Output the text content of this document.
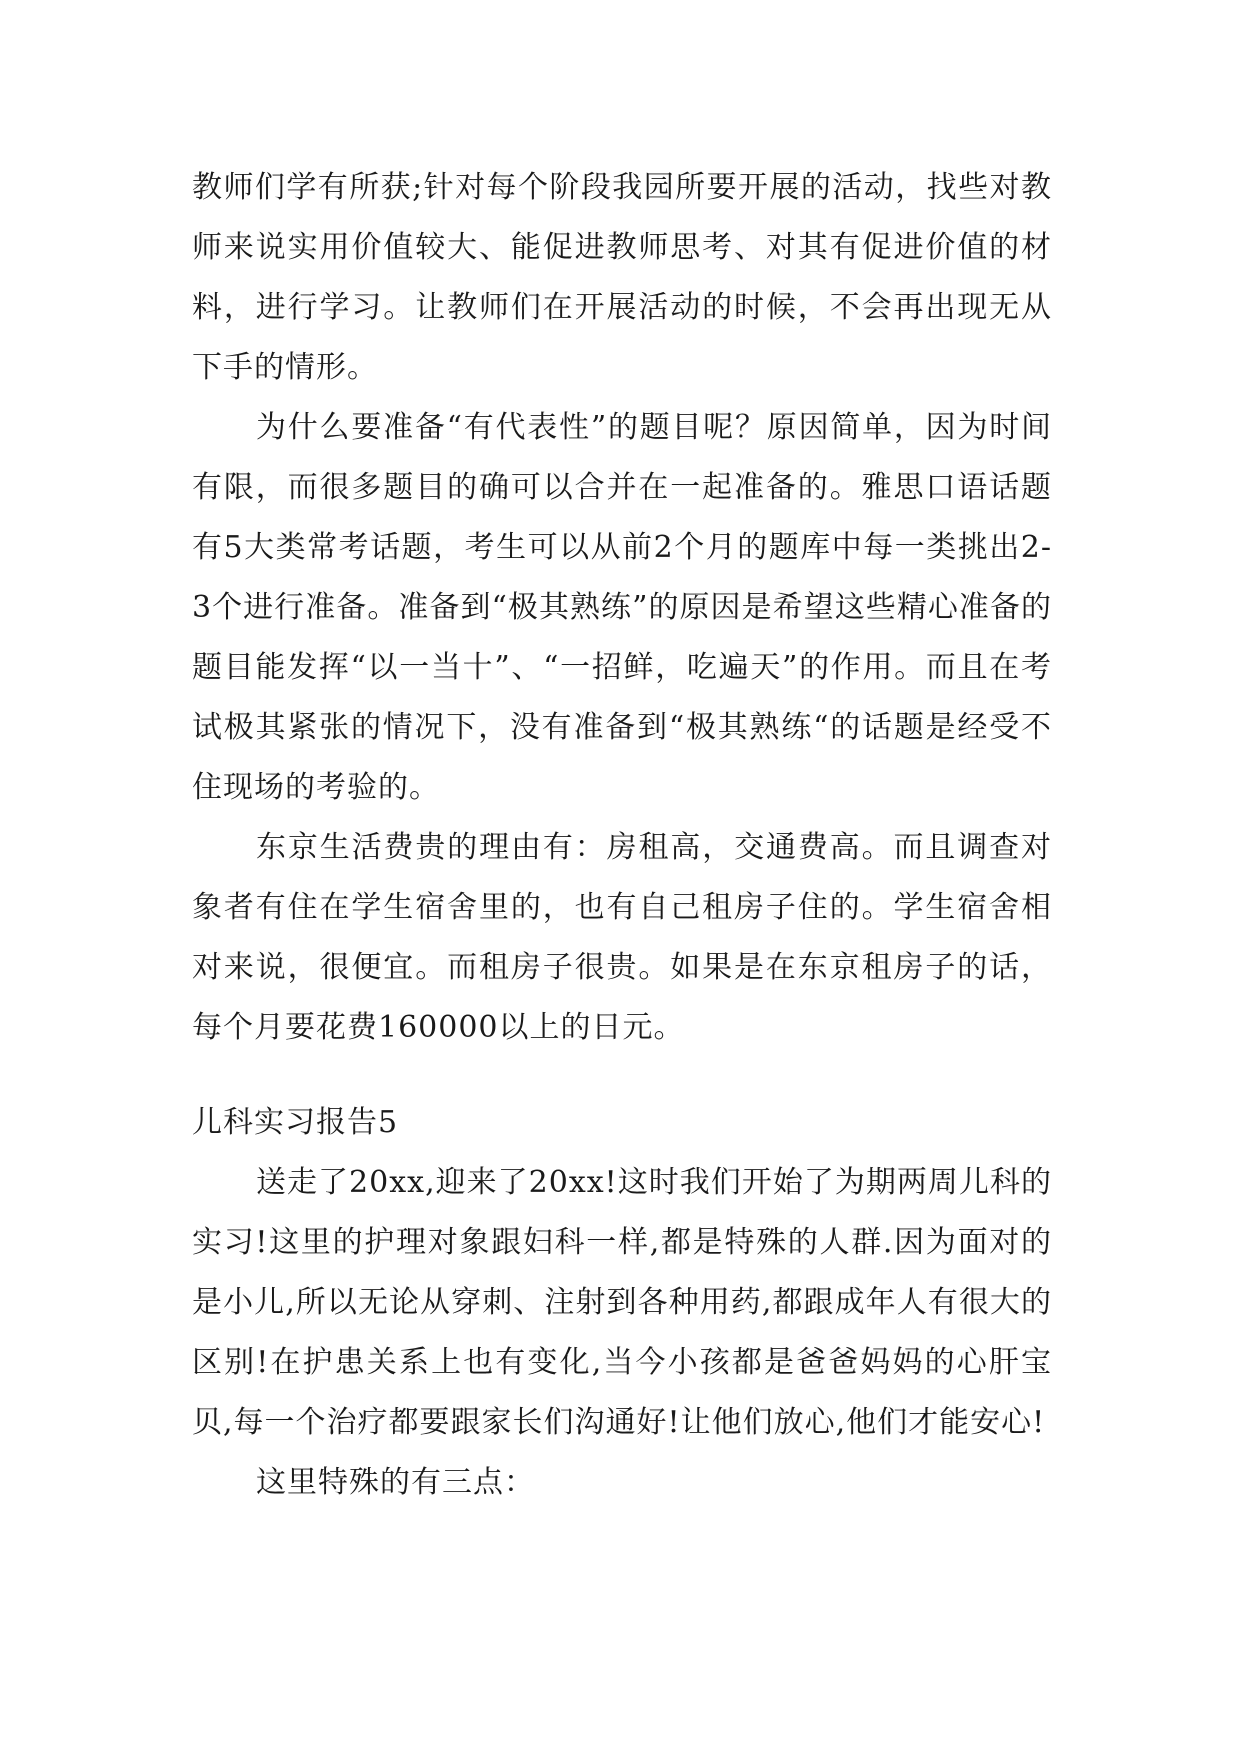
教师们学有所获;针对每个阶段我园所要开展的活动，找些对教师来说实用价值较大、能促进教师思考、对其有促进价值的材料，进行学习。让教师们在开展活动的时候，不会再出现无从下手的情形。

为什么要准备“有代表性”的题目呢？原因简单，因为时间有限，而很多题目的确可以合并在一起准备的。雅思口语话题有5大类常考话题，考生可以从前2个月的题库中每一类挑出2-3个进行准备。准备到“极其熟练”的原因是希望这些精心准备的题目能发挥“以一当十”、“一招鲜，吃遍天”的作用。而且在考试极其紧张的情况下，没有准备到“极其熟练“的话题是经受不住现场的考验的。

东京生活费贵的理由有：房租高，交通费高。而且调查对象者有住在学生宿舍里的，也有自己租房子住的。学生宿舍相对来说，很便宜。而租房子很贵。如果是在东京租房子的话，每个月要花费160000以上的日元。

儿科实习报告5

送走了20xx,迎来了20xx!这时我们开始了为期两周儿科的实习!这里的护理对象跟妇科一样,都是特殊的人群.因为面对的是小儿,所以无论从穿刺、注射到各种用药,都跟成年人有很大的区别!在护患关系上也有变化,当今小孩都是爸爸妈妈的心肝宝贝,每一个治疗都要跟家长们沟通好!让他们放心,他们才能安心!

这里特殊的有三点：
